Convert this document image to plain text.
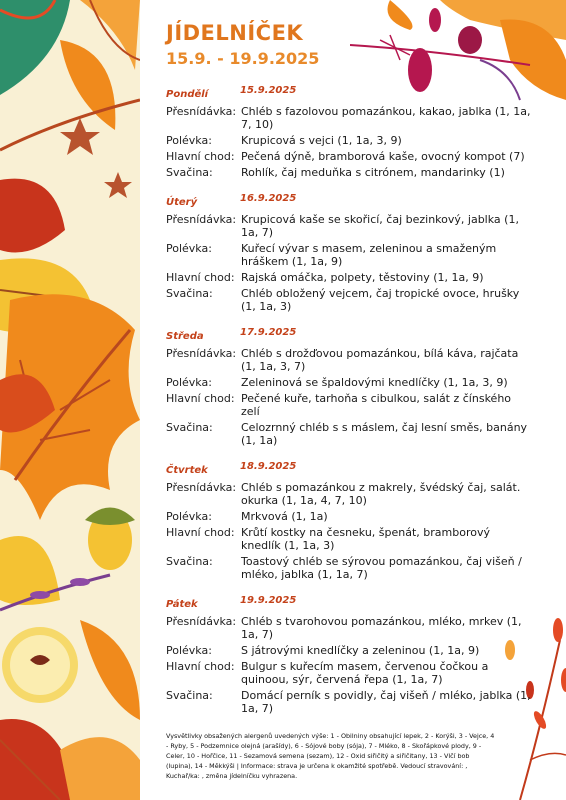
JÍDELNÍČEK
15.9. - 19.9.2025
Pondělí	15.9.2025
Přesnídávka: Chléb s fazolovou pomazánkou, kakao, jablka (1, 1a, 7, 10)
Polévka:	Krupicová s vejci (1, 1a, 3, 9)
Hlavní chod: Pečená dýně, bramborová kaše, ovocný kompot (7)
Svačina:	Rohlík, čaj meduňka s citrónem, mandarinky (1)
Úterý	16.9.2025
Přesnídávka: Krupicová kaše se skořicí, čaj bezinkový, jablka (1, 1a, 7)
Polévka:	Kuřecí vývar s masem, zeleninou a smaženým hráškem (1, 1a, 9)
Hlavní chod: Rajská omáčka, polpety, těstoviny (1, 1a, 9)
Svačina:	Chléb obložený vejcem, čaj tropické ovoce, hrušky (1, 1a, 3)
Středa	17.9.2025
Přesnídávka: Chléb s drožďovou pomazánkou, bílá káva, rajčata (1, 1a, 3, 7)
Polévka:	Zeleninová se špaldovými knedlíčky (1, 1a, 3, 9)
Hlavní chod: Pečené kuře, tarhoňa s cibulkou, salát z čínského zelí
Svačina:	Celozrnný chléb s s máslem, čaj lesní směs, banány (1, 1a)
Čtvrtek	18.9.2025
Přesnídávka: Chléb s pomazánkou z makrely, švédský čaj, salát. okurka (1, 1a, 4, 7, 10)
Polévka:	Mrkvová (1, 1a)
Hlavní chod: Krůtí kostky na česneku, špenát, bramborový knedlík (1, 1a, 3)
Svačina:	Toastový chléb se sýrovou pomazánkou, čaj višeň / mléko, jablka (1, 1a, 7)
Pátek	19.9.2025
Přesnídávka: Chléb s tvarohovou pomazánkou, mléko, mrkev (1, 1a, 7)
Polévka:	S játrovými knedlíčky a zeleninou (1, 1a, 9)
Hlavní chod: Bulgur s kuřecím masem, červenou čočkou a quinoou, sýr, červená řepa (1, 1a, 7)
Svačina:	Domácí perník s povidly, čaj višeň / mléko, jablka (1, 1a, 7)
Vysvětlivky obsažených alergenů uvedených výše: 1 - Obilniny obsahující lepek, 2 - Korýši, 3 - Vejce, 4 - Ryby, 5 - Podzemnice olejná (arašídy), 6 - Sójové boby (sója), 7 - Mléko, 8 - Skořápkové plody, 9 - Celer, 10 - Hořčice, 11 - Sezamová semena (sezam), 12 - Oxid siřičitý a siřičitany, 13 - Vlčí bob (lupina), 14 - Měkkýši | Informace: strava je určena k okamžité spotřebě. Vedoucí stravování: , Kuchař/ka: , změna jídelníčku vyhrazena.
